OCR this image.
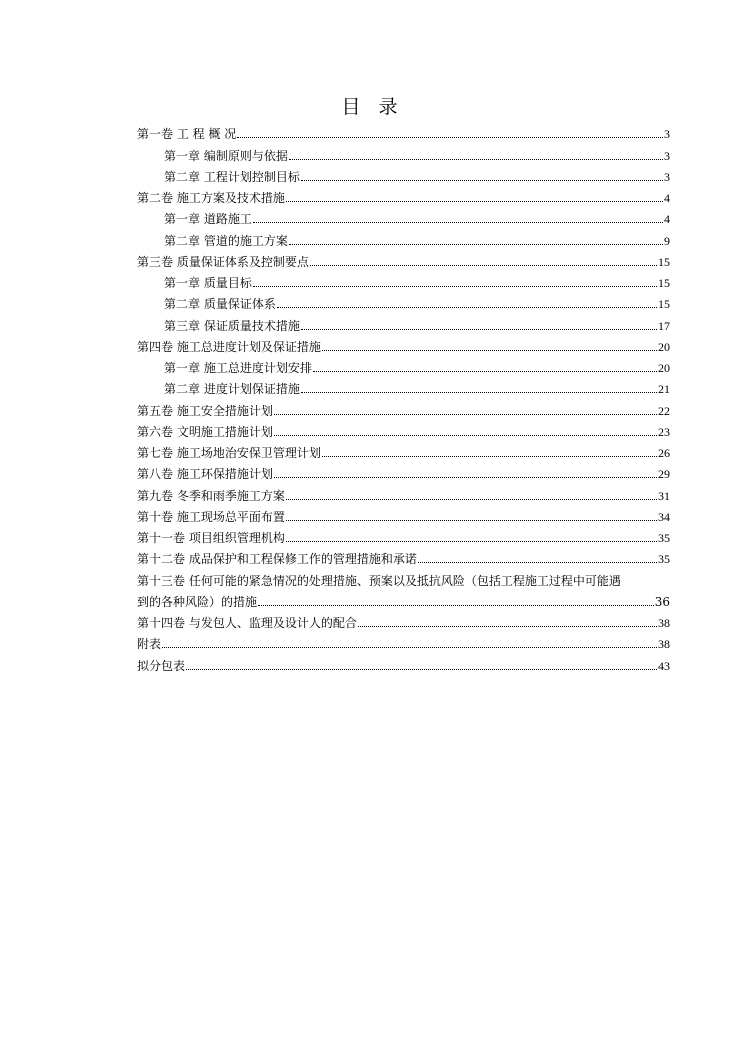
目 录
第一卷 工 程 概 况	3
第一章 编制原则与依据	3
第二章 工程计划控制目标	3
第二卷 施工方案及技术措施	4
第一章 道路施工	4
第二章 管道的施工方案	9
第三卷 质量保证体系及控制要点	15
第一章 质量目标	15
第二章 质量保证体系	15
第三章 保证质量技术措施	17
第四卷 施工总进度计划及保证措施	20
第一章 施工总进度计划安排	20
第二章 进度计划保证措施	21
第五卷 施工安全措施计划	22
第六卷 文明施工措施计划	23
第七卷 施工场地治安保卫管理计划	26
第八卷 施工环保措施计划	29
第九卷 冬季和雨季施工方案	31
第十卷 施工现场总平面布置	34
第十一卷 项目组织管理机构	35
第十二卷 成品保护和工程保修工作的管理措施和承诺	35
第十三卷 任何可能的紧急情况的处理措施、预案以及抵抗风险（包括工程施工过程中可能遇
到的各种风险）的措施	36
第十四卷 与发包人、监理及设计人的配合	38
附表	38
拟分包表	43
